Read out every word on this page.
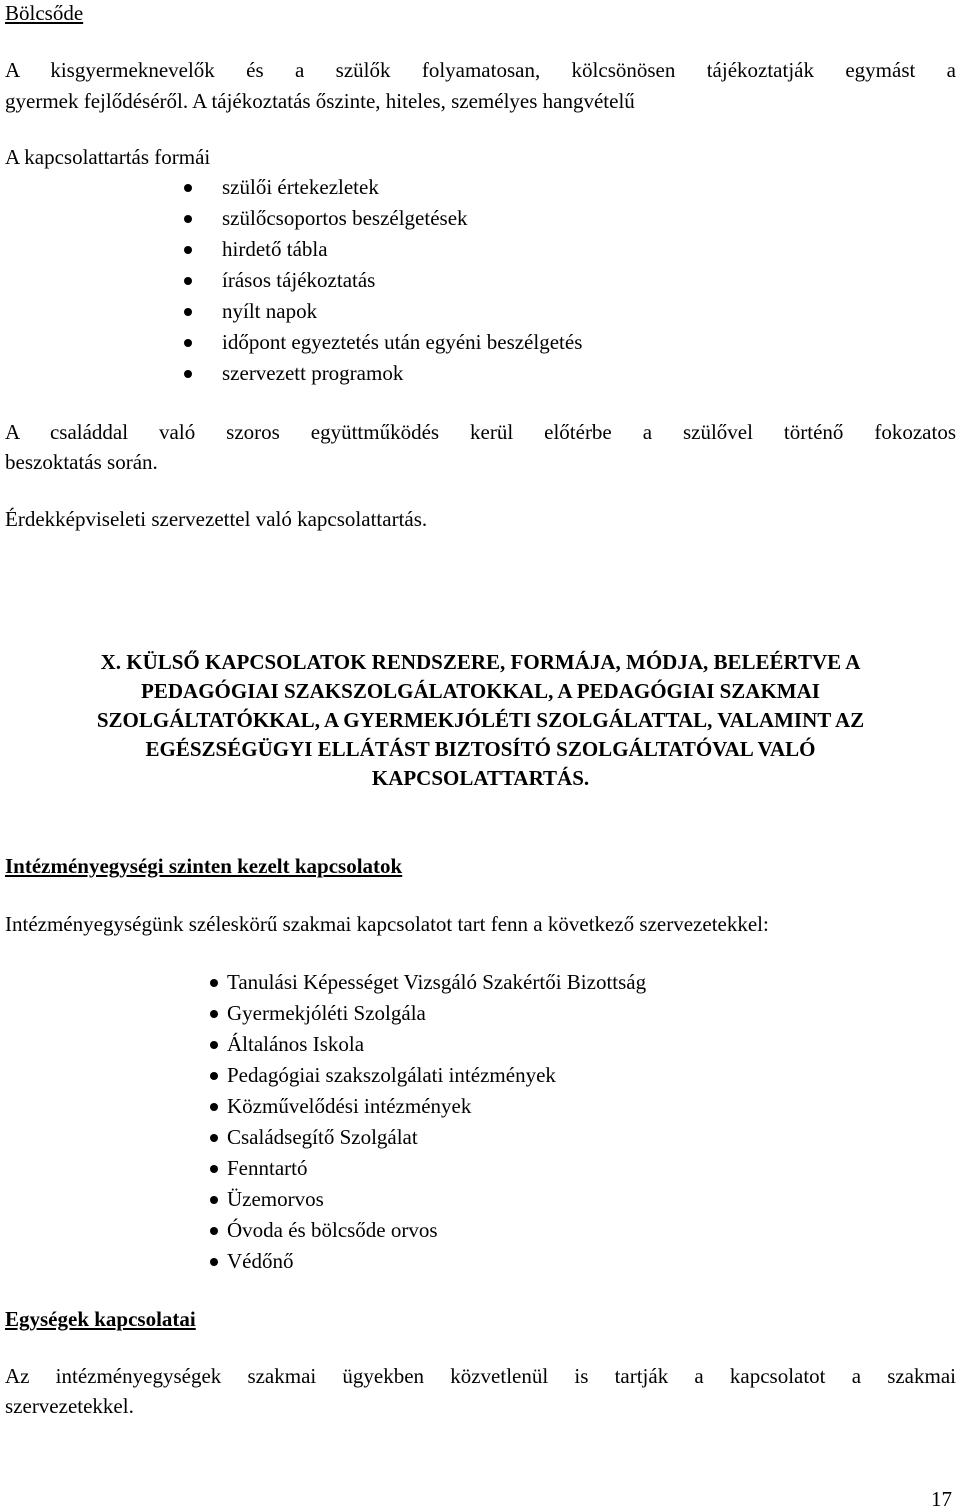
Bölcsőde
A kisgyermeknevelők és a szülők folyamatosan, kölcsönösen tájékoztatják egymást a
gyermek fejlődéséről. A tájékoztatás őszinte, hiteles, személyes hangvételű
A kapcsolattartás formái
szülői értekezletek
szülőcsoportos beszélgetések
hirdető tábla
írásos tájékoztatás
nyílt napok
időpont egyeztetés után egyéni beszélgetés
szervezett programok
A családdal való szoros együttműködés kerül előtérbe a szülővel történő fokozatos
beszoktatás során.
Érdekképviseleti szervezettel való kapcsolattartás.
X. KÜLSŐ KAPCSOLATOK RENDSZERE, FORMÁJA, MÓDJA, BELEÉRTVE A
PEDAGÓGIAI SZAKSZOLGÁLATOKKAL, A PEDAGÓGIAI SZAKMAI
SZOLGÁLTATÓKKAL, A GYERMEKJÓLÉTI SZOLGÁLATTAL, VALAMINT AZ
EGÉSZSÉGÜGYI ELLÁTÁST BIZTOSÍTÓ SZOLGÁLTATÓVAL VALÓ
KAPCSOLATTARTÁS.
Intézményegységi szinten kezelt kapcsolatok
Intézményegységünk széleskörű szakmai kapcsolatot tart fenn a következő szervezetekkel:
Tanulási Képességet Vizsgáló Szakértői Bizottság
Gyermekjóléti Szolgála
Általános Iskola
Pedagógiai szakszolgálati intézmények
Közművelődési intézmények
Családsegítő Szolgálat
Fenntartó
Üzemorvos
Óvoda és bölcsőde orvos
Védőnő
Egységek kapcsolatai
Az intézményegységek szakmai ügyekben közvetlenül is tartják a kapcsolatot a szakmai
szervezetekkel.
17
